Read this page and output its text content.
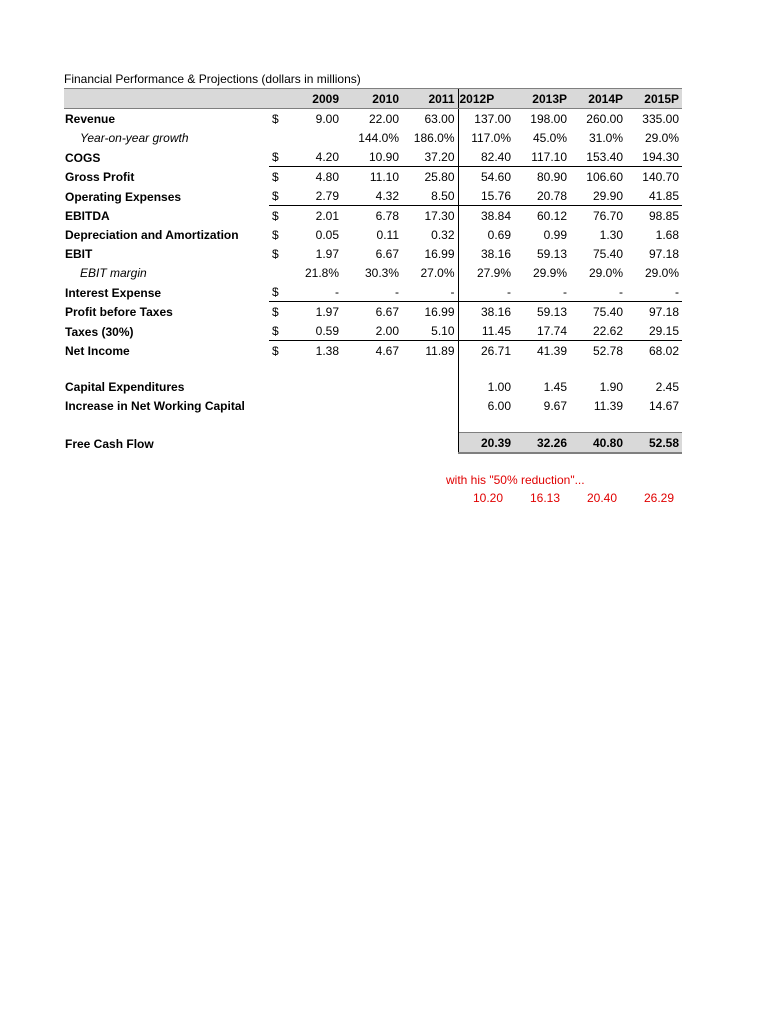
Financial Performance & Projections (dollars in millions)
		2009	2010	2011	2012P	2013P	2014P	2015P
Revenue	$	9.00	22.00	63.00	137.00	198.00	260.00	335.00
Year-on-year growth			144.0%	186.0%	117.0%	45.0%	31.0%	29.0%
COGS	$	4.20	10.90	37.20	82.40	117.10	153.40	194.30
Gross Profit	$	4.80	11.10	25.80	54.60	80.90	106.60	140.70
Operating Expenses	$	2.79	4.32	8.50	15.76	20.78	29.90	41.85
EBITDA	$	2.01	6.78	17.30	38.84	60.12	76.70	98.85
Depreciation and Amortization	$	0.05	0.11	0.32	0.69	0.99	1.30	1.68
EBIT	$	1.97	6.67	16.99	38.16	59.13	75.40	97.18
EBIT margin		21.8%	30.3%	27.0%	27.9%	29.9%	29.0%	29.0%
Interest Expense	$	-	-	-	-	-	-	-
Profit before Taxes	$	1.97	6.67	16.99	38.16	59.13	75.40	97.18
Taxes (30%)	$	0.59	2.00	5.10	11.45	17.74	22.62	29.15
Net Income	$	1.38	4.67	11.89	26.71	41.39	52.78	68.02

Capital Expenditures					1.00	1.45	1.90	2.45
Increase in Net Working Capital					6.00	9.67	11.39	14.67

Free Cash Flow					20.39	32.26	40.80	52.58
with his "50% reduction"...
10.20 16.13 20.40 26.29
